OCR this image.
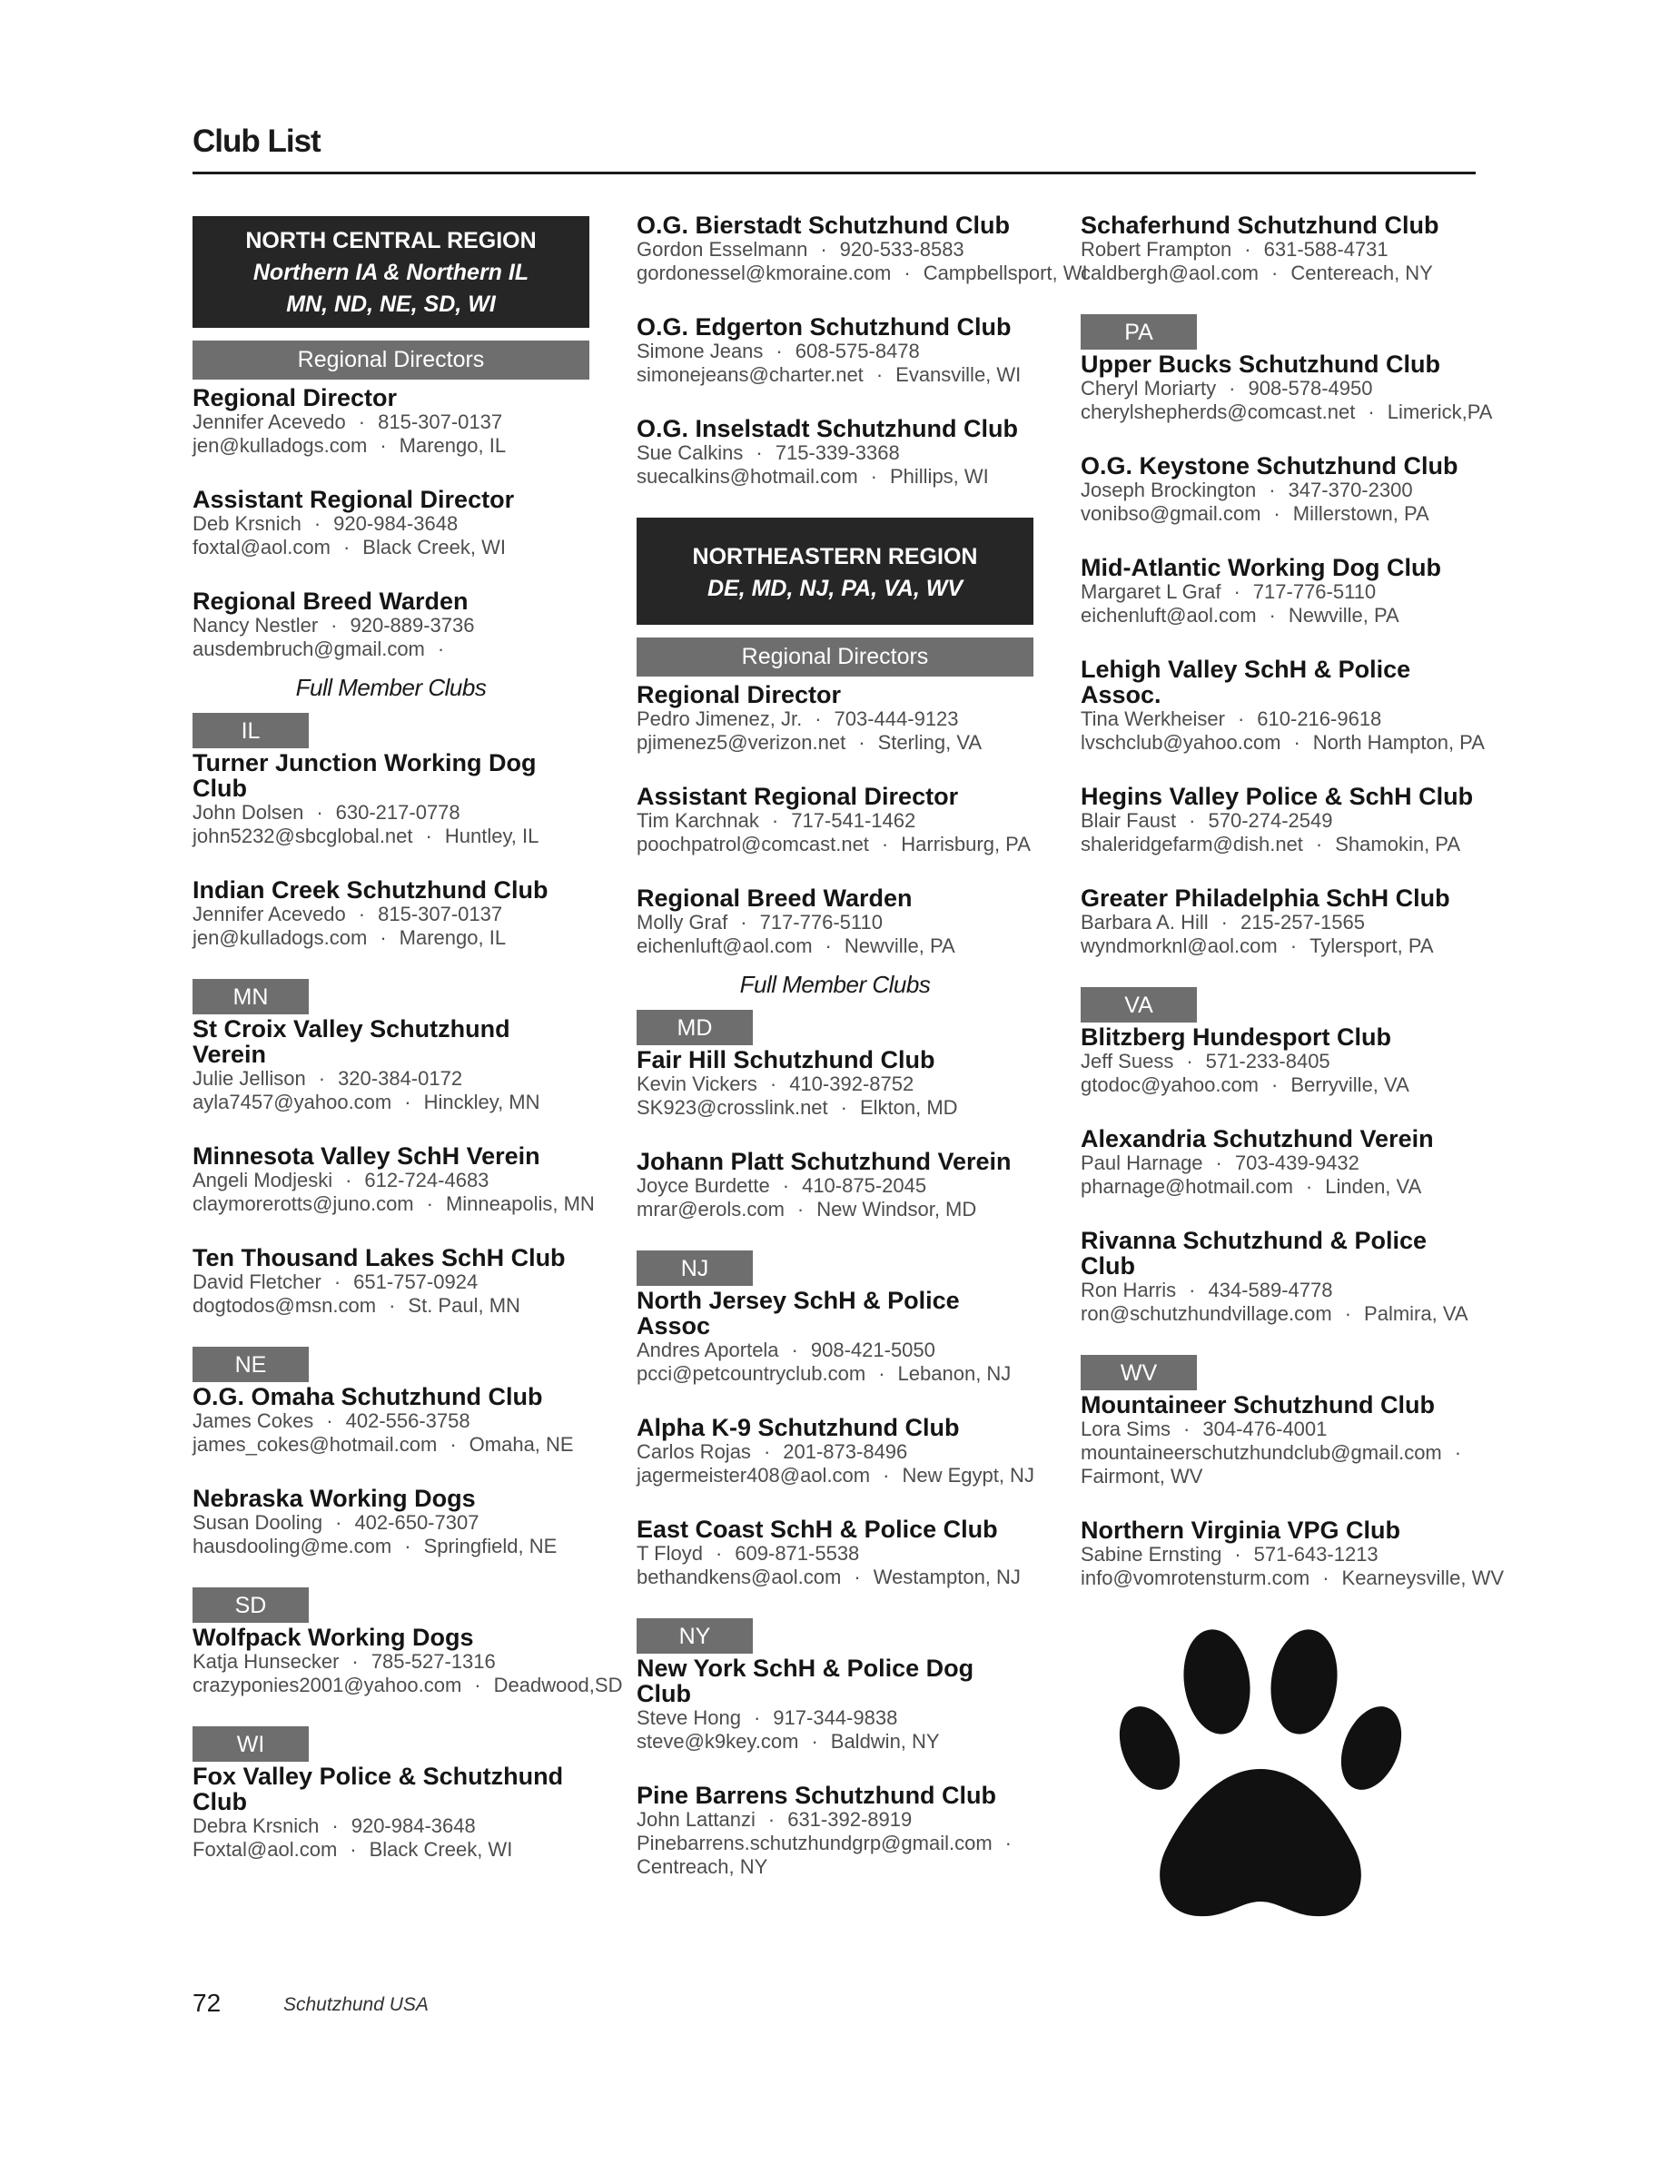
Club List
NORTH CENTRAL REGION
Northern IA & Northern IL
MN, ND, NE, SD, WI
Regional Directors
Regional Director
Jennifer Acevedo · 815-307-0137
jen@kulladogs.com · Marengo, IL
Assistant Regional Director
Deb Krsnich · 920-984-3648
foxtal@aol.com · Black Creek, WI
Regional Breed Warden
Nancy Nestler · 920-889-3736
ausdembruch@gmail.com ·
Full Member Clubs
IL
Turner Junction Working Dog Club
John Dolsen · 630-217-0778
john5232@sbcglobal.net · Huntley, IL
Indian Creek Schutzhund Club
Jennifer Acevedo · 815-307-0137
jen@kulladogs.com · Marengo, IL
MN
St Croix Valley Schutzhund Verein
Julie Jellison · 320-384-0172
ayla7457@yahoo.com · Hinckley, MN
Minnesota Valley SchH Verein
Angeli Modjeski · 612-724-4683
claymorerotts@juno.com · Minneapolis, MN
Ten Thousand Lakes SchH Club
David Fletcher · 651-757-0924
dogtodos@msn.com · St. Paul, MN
NE
O.G. Omaha Schutzhund Club
James Cokes · 402-556-3758
james_cokes@hotmail.com · Omaha, NE
Nebraska Working Dogs
Susan Dooling · 402-650-7307
hausdooling@me.com · Springfield, NE
SD
Wolfpack Working Dogs
Katja Hunsecker · 785-527-1316
crazyponies2001@yahoo.com · Deadwood,SD
WI
Fox Valley Police & Schutzhund Club
Debra Krsnich · 920-984-3648
Foxtal@aol.com · Black Creek, WI
O.G. Bierstadt Schutzhund Club
Gordon Esselmann · 920-533-8583
gordonessel@kmoraine.com · Campbellsport, WI
O.G. Edgerton Schutzhund Club
Simone Jeans · 608-575-8478
simonejeans@charter.net · Evansville, WI
O.G. Inselstadt Schutzhund Club
Sue Calkins · 715-339-3368
suecalkins@hotmail.com · Phillips, WI
NORTHEASTERN REGION
DE, MD, NJ, PA, VA, WV
Regional Directors
Regional Director
Pedro Jimenez, Jr. · 703-444-9123
pjimenez5@verizon.net · Sterling, VA
Assistant Regional Director
Tim Karchnak · 717-541-1462
poochpatrol@comcast.net · Harrisburg, PA
Regional Breed Warden
Molly Graf · 717-776-5110
eichenluft@aol.com · Newville, PA
Full Member Clubs
MD
Fair Hill Schutzhund Club
Kevin Vickers · 410-392-8752
SK923@crosslink.net · Elkton, MD
Johann Platt Schutzhund Verein
Joyce Burdette · 410-875-2045
mrar@erols.com · New Windsor, MD
NJ
North Jersey SchH & Police Assoc
Andres Aportela · 908-421-5050
pcci@petcountryclub.com · Lebanon, NJ
Alpha K-9 Schutzhund Club
Carlos Rojas · 201-873-8496
jagermeister408@aol.com · New Egypt, NJ
East Coast SchH & Police Club
T Floyd · 609-871-5538
bethandkens@aol.com · Westampton, NJ
NY
New York SchH & Police Dog Club
Steve Hong · 917-344-9838
steve@k9key.com · Baldwin, NY
Pine Barrens Schutzhund Club
John Lattanzi · 631-392-8919
Pinebarrens.schutzhundgrp@gmail.com ·
Centreach, NY
Schaferhund Schutzhund Club
Robert Frampton · 631-588-4731
caldbergh@aol.com · Centereach, NY
PA
Upper Bucks Schutzhund Club
Cheryl Moriarty · 908-578-4950
cherylshepherds@comcast.net · Limerick,PA
O.G. Keystone Schutzhund Club
Joseph Brockington · 347-370-2300
vonibso@gmail.com · Millerstown, PA
Mid-Atlantic Working Dog Club
Margaret L Graf · 717-776-5110
eichenluft@aol.com · Newville, PA
Lehigh Valley SchH & Police Assoc.
Tina Werkheiser · 610-216-9618
lvschclub@yahoo.com · North Hampton, PA
Hegins Valley Police & SchH Club
Blair Faust · 570-274-2549
shaleridgefarm@dish.net · Shamokin, PA
Greater Philadelphia SchH Club
Barbara A. Hill · 215-257-1565
wyndmorknl@aol.com · Tylersport, PA
VA
Blitzberg Hundesport Club
Jeff Suess · 571-233-8405
gtodoc@yahoo.com · Berryville, VA
Alexandria Schutzhund Verein
Paul Harnage · 703-439-9432
pharnage@hotmail.com · Linden, VA
Rivanna Schutzhund & Police Club
Ron Harris · 434-589-4778
ron@schutzhundvillage.com · Palmira, VA
WV
Mountaineer Schutzhund Club
Lora Sims · 304-476-4001
mountaineerschutzhundclub@gmail.com ·
Fairmont, WV
Northern Virginia VPG Club
Sabine Ernsting · 571-643-1213
info@vomrotensturm.com · Kearneysville, WV
72	Schutzhund USA
